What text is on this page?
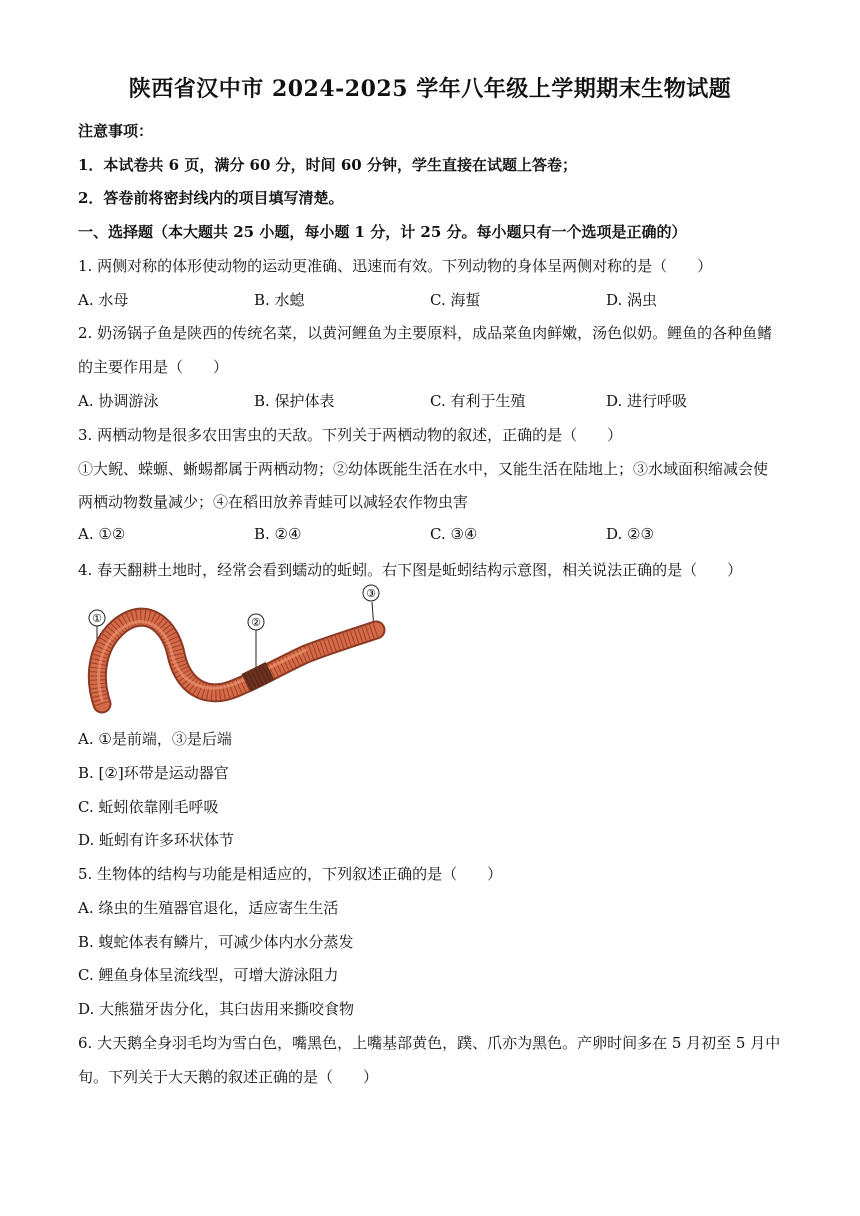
陕西省汉中市 2024-2025 学年八年级上学期期末生物试题
注意事项：
1．本试卷共 6 页，满分 60 分，时间 60 分钟，学生直接在试题上答卷；
2．答卷前将密封线内的项目填写清楚。
一、选择题（本大题共 25 小题，每小题 1 分，计 25 分。每小题只有一个选项是正确的）
1. 两侧对称的体形使动物的运动更准确、迅速而有效。下列动物的身体呈两侧对称的是（　　）
A. 水母	B. 水螅	C. 海蜇	D. 涡虫
2. 奶汤锅子鱼是陕西的传统名菜，以黄河鲤鱼为主要原料，成品菜鱼肉鲜嫩，汤色似奶。鲤鱼的各种鱼鳍
的主要作用是（　　）
A. 协调游泳	B. 保护体表	C. 有利于生殖	D. 进行呼吸
3. 两栖动物是很多农田害虫的天敌。下列关于两栖动物的叙述，正确的是（　　）
①大鲵、蝾螈、蜥蜴都属于两栖动物；②幼体既能生活在水中，又能生活在陆地上；③水域面积缩减会使
两栖动物数量减少；④在稻田放养青蛙可以减轻农作物虫害
A. ①②	B. ②④	C. ③④	D. ②③
4. 春天翻耕土地时，经常会看到蠕动的蚯蚓。右下图是蚯蚓结构示意图，相关说法正确的是（　　）
①	②
③
A. ①是前端，③是后端
B. [②]环带是运动器官
C. 蚯蚓依靠刚毛呼吸
D. 蚯蚓有许多环状体节
5. 生物体的结构与功能是相适应的，下列叙述正确的是（　　）
A. 绦虫的生殖器官退化，适应寄生生活
B. 蝮蛇体表有鳞片，可减少体内水分蒸发
C. 鲤鱼身体呈流线型，可增大游泳阻力
D. 大熊猫牙齿分化，其臼齿用来撕咬食物
6. 大天鹅全身羽毛均为雪白色，嘴黑色，上嘴基部黄色，蹼、爪亦为黑色。产卵时间多在 5 月初至 5 月中
旬。下列关于大天鹅的叙述正确的是（　　）
